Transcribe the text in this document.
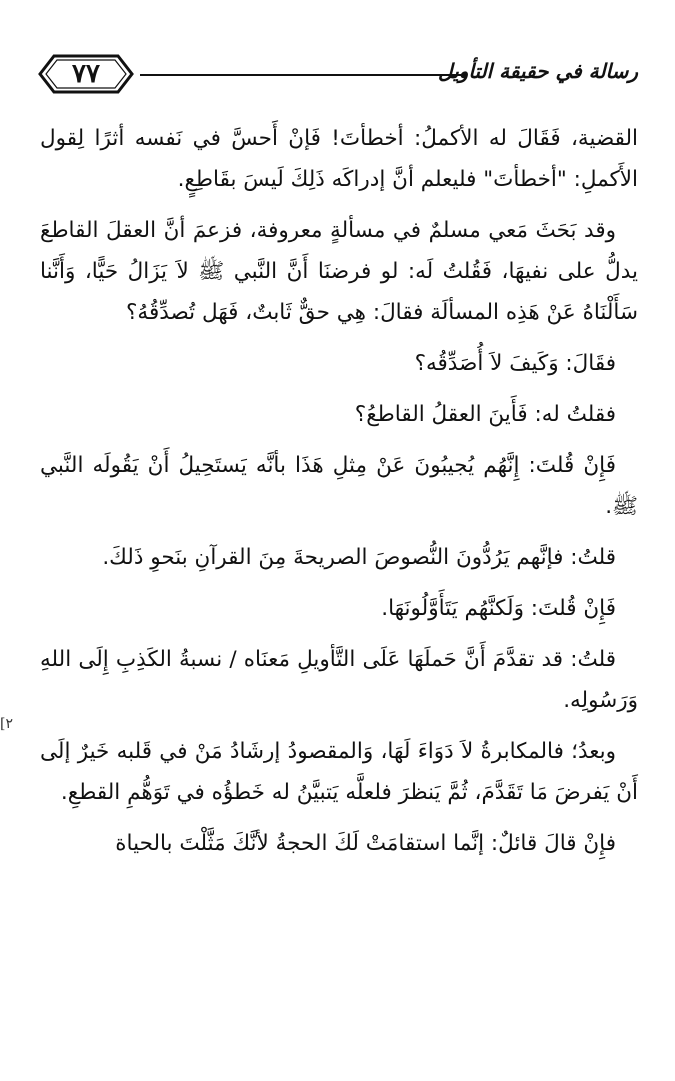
٧٧	رسالة في حقيقة التأويل

القضية، فَقَالَ له الأكملُ: أخطأتَ! فَإنْ أَحسَّ في نَفسه أثرًا لِقول الأَكملِ: "أخطأتَ" فليعلم أنَّ إدراكَه ذَلِكَ لَيسَ بقَاطِعٍ.

وقد بَحَثَ مَعي مسلمٌ في مسألةٍ معروفة، فزعمَ أنَّ العقلَ القاطعَ يدلُّ على نفيهَا، فَقُلتُ لَه: لو فرضنَا أَنَّ النَّبي ﷺ لاَ يَزَالُ حَيًّا، وَأَنَّنا سَأَلْنَاهُ عَنْ هَذِه المسألَة فقالَ: هِي حقٌّ ثَابتٌ، فَهَل تُصدِّقُهُ؟

فقَالَ: وَكَيفَ لاَ أُصَدِّقُه؟

فقلتُ له: فَأَينَ العقلُ القاطعُ؟

فَإِنْ قُلتَ: إِنَّهُم يُجيبُونَ عَنْ مِثلِ هَذَا بأنَّه يَستَحِيلُ أَنْ يَقُولَه النَّبي ﷺ.

قلتُ: فإنَّهم يَرُدُّونَ النُّصوصَ الصريحةَ مِنَ القرآنِ بنَحوِ ذَلكَ.

فَإِنْ قُلتَ: وَلَكنَّهُم يَتَأَوَّلُونَهَا.

قلتُ: قد تقدَّمَ أَنَّ حَملَهَا عَلَى التَّأويلِ مَعنَاه / نسبةُ الكَذِبِ إِلَى اللهِ وَرَسُولِه.

وبعدُ؛ فالمكابرةُ لاَ دَوَاءَ لَهَا، وَالمقصودُ إرشَادُ مَنْ في قَلبه خَيرٌ إلَى أَنْ يَفرضَ مَا تَقَدَّمَ، ثُمَّ يَنظرَ فلعلَّه يَتبيَّنُ له خَطؤُه في تَوَهُّمِ القطعِ.

فإِنْ قالَ قائلٌ: إنَّما استقامَتْ لَكَ الحجةُ لأنَّكَ مَثَّلْتَ بالحياة

[٢
